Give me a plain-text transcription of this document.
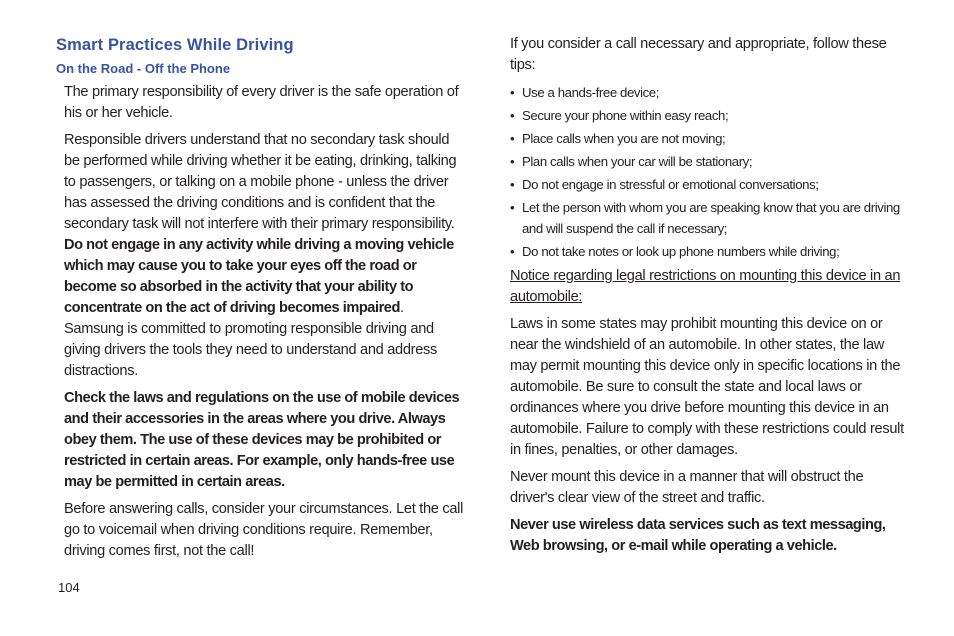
Smart Practices While Driving
On the Road - Off the Phone

The primary responsibility of every driver is the safe operation of his or her vehicle.

Responsible drivers understand that no secondary task should be performed while driving whether it be eating, drinking, talking to passengers, or talking on a mobile phone - unless the driver has assessed the driving conditions and is confident that the secondary task will not interfere with their primary responsibility. Do not engage in any activity while driving a moving vehicle which may cause you to take your eyes off the road or become so absorbed in the activity that your ability to concentrate on the act of driving becomes impaired. Samsung is committed to promoting responsible driving and giving drivers the tools they need to understand and address distractions.

Check the laws and regulations on the use of mobile devices and their accessories in the areas where you drive. Always obey them. The use of these devices may be prohibited or restricted in certain areas. For example, only hands-free use may be permitted in certain areas.

Before answering calls, consider your circumstances. Let the call go to voicemail when driving conditions require. Remember, driving comes first, not the call!

If you consider a call necessary and appropriate, follow these tips:

• Use a hands-free device;
• Secure your phone within easy reach;
• Place calls when you are not moving;
• Plan calls when your car will be stationary;
• Do not engage in stressful or emotional conversations;
• Let the person with whom you are speaking know that you are driving and will suspend the call if necessary;
• Do not take notes or look up phone numbers while driving;

Notice regarding legal restrictions on mounting this device in an automobile:

Laws in some states may prohibit mounting this device on or near the windshield of an automobile. In other states, the law may permit mounting this device only in specific locations in the automobile. Be sure to consult the state and local laws or ordinances where you drive before mounting this device in an automobile. Failure to comply with these restrictions could result in fines, penalties, or other damages.

Never mount this device in a manner that will obstruct the driver's clear view of the street and traffic.

Never use wireless data services such as text messaging, Web browsing, or e-mail while operating a vehicle.

104
